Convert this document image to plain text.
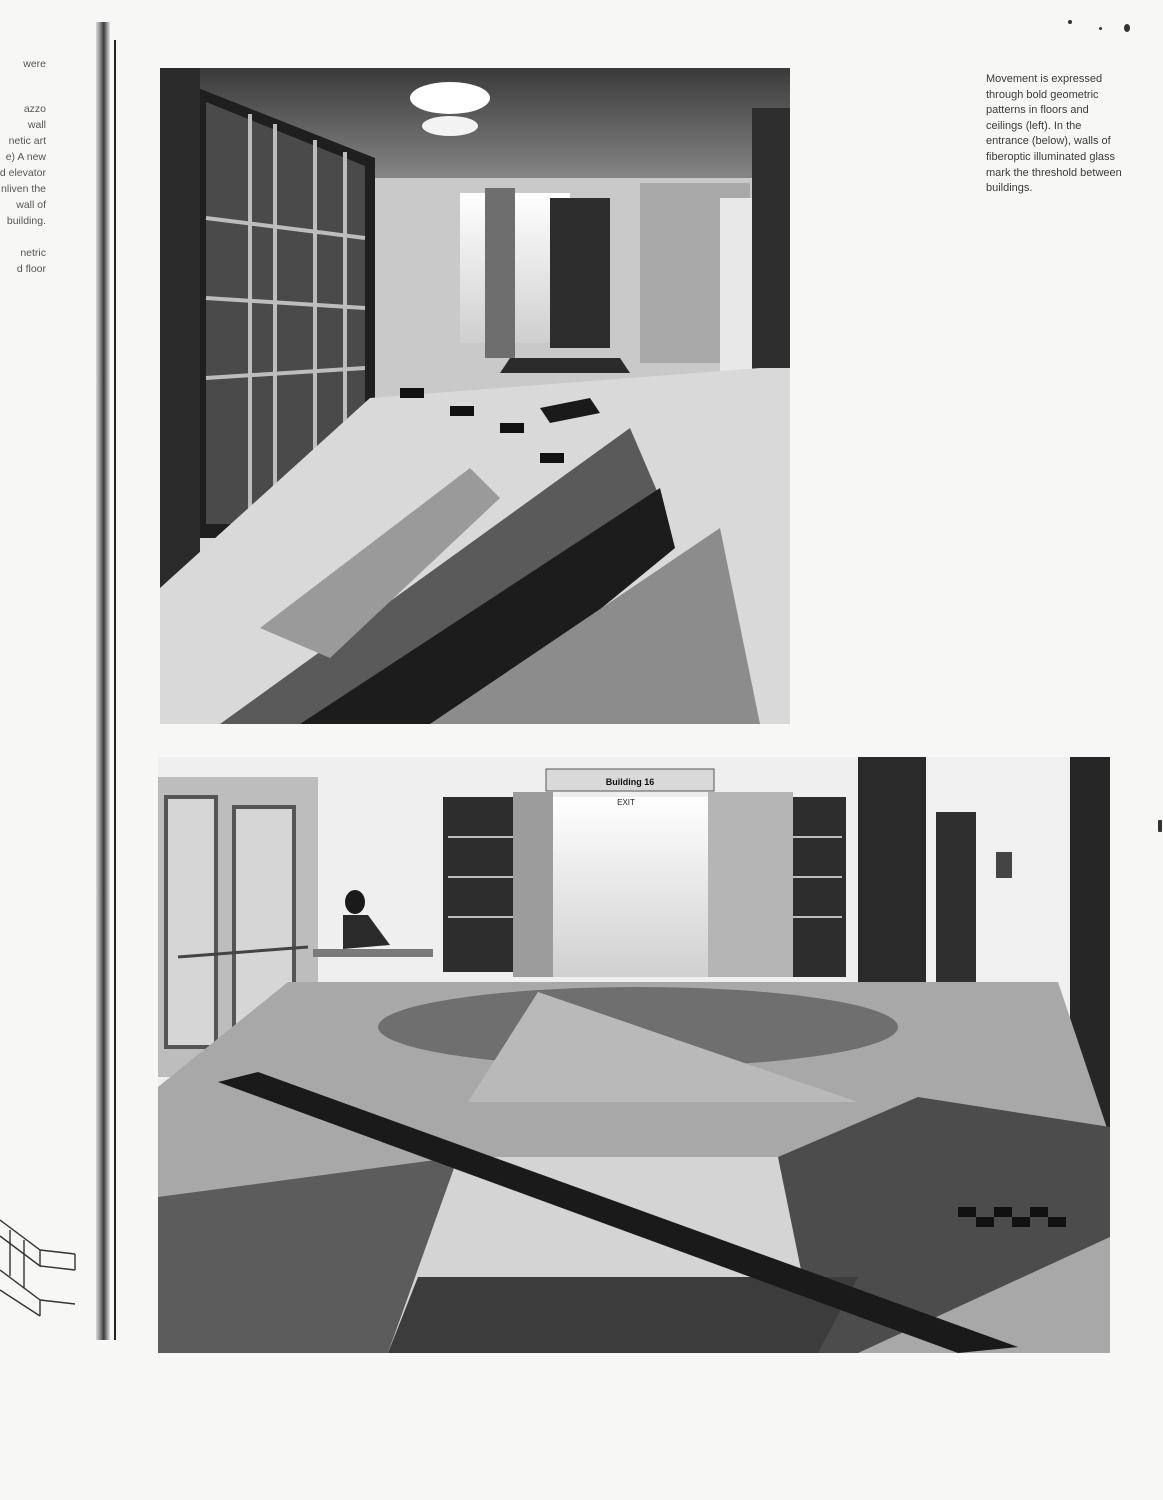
were
azzo
wall
netic art
e) A new
d elevator
nliven the
wall of
building.
netric
d floor
Movement is expressed through bold geometric patterns in floors and ceilings (left). In the entrance (below), walls of fiberoptic illuminated glass mark the threshold between buildings.
Building 16
EXIT
